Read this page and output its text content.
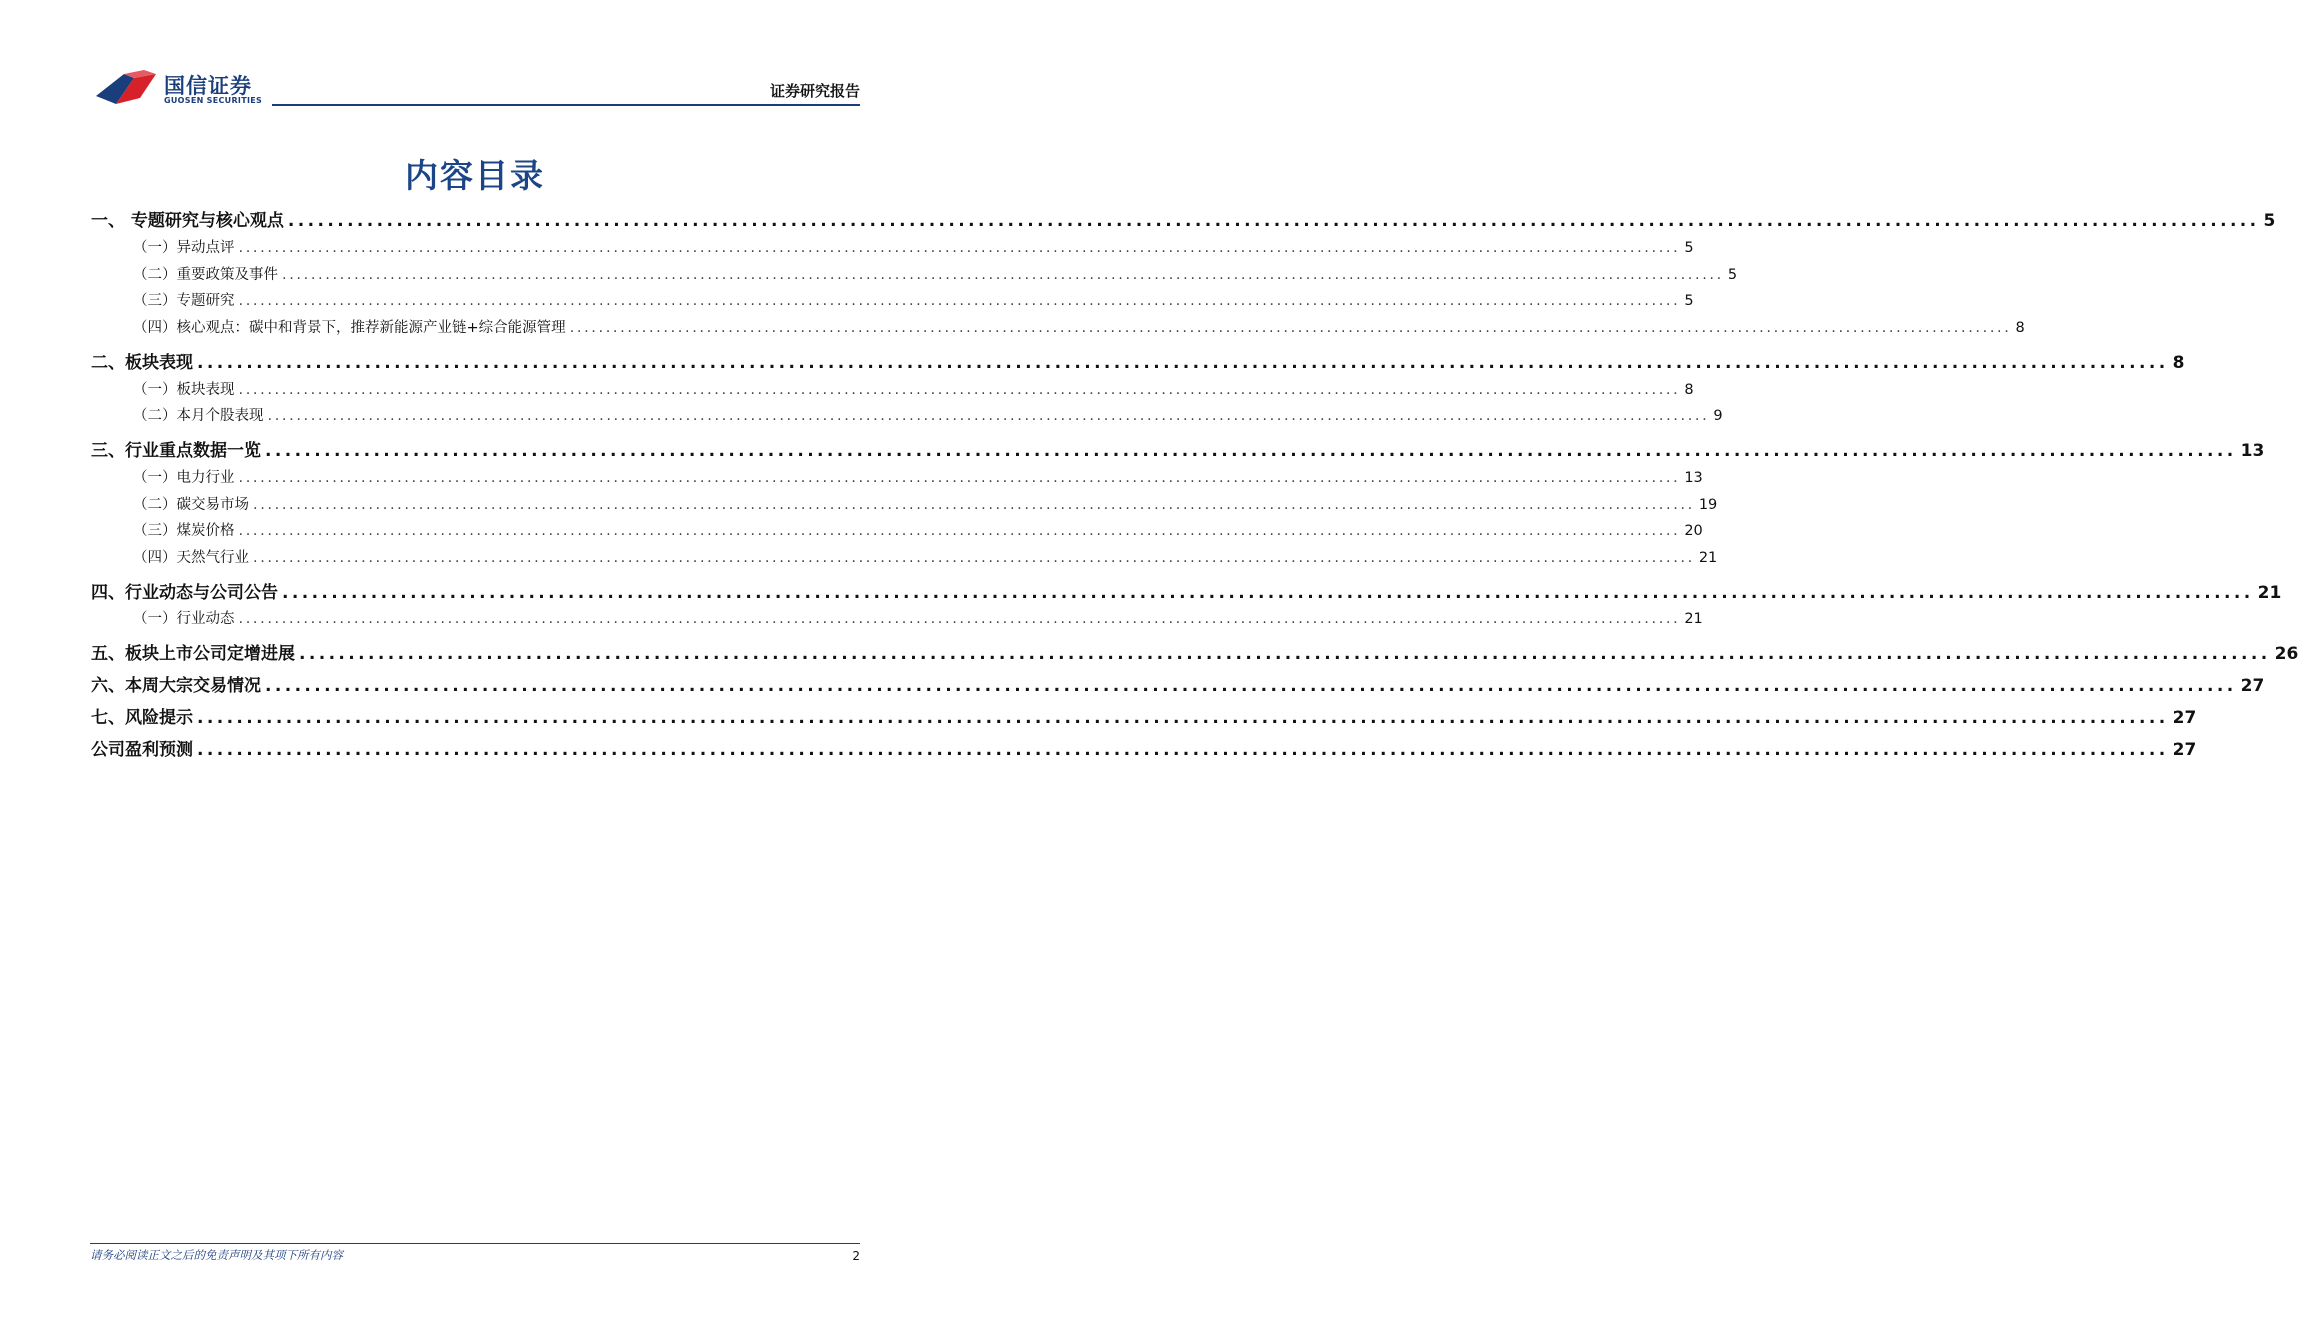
国信证券
GUOSEN SECURITIES
证券研究报告
内容目录
一、 专题研究与核心观点 ........................................................................................................................................................................................................ 5
（一）异动点评 ........................................................................................................................................................................................................ 5
（二）重要政策及事件 ........................................................................................................................................................................................................ 5
（三）专题研究 ........................................................................................................................................................................................................ 5
（四）核心观点：碳中和背景下，推荐新能源产业链+综合能源管理 ........................................................................................................................................................................................................ 8
二、板块表现 ........................................................................................................................................................................................................ 8
（一）板块表现 ........................................................................................................................................................................................................ 8
（二）本月个股表现 ........................................................................................................................................................................................................ 9
三、行业重点数据一览 ........................................................................................................................................................................................................ 13
（一）电力行业 ........................................................................................................................................................................................................ 13
（二）碳交易市场 ........................................................................................................................................................................................................ 19
（三）煤炭价格 ........................................................................................................................................................................................................ 20
（四）天然气行业 ........................................................................................................................................................................................................ 21
四、行业动态与公司公告 ........................................................................................................................................................................................................ 21
（一）行业动态 ........................................................................................................................................................................................................ 21
五、板块上市公司定增进展 ........................................................................................................................................................................................................ 26
六、本周大宗交易情况 ........................................................................................................................................................................................................ 27
七、风险提示 ........................................................................................................................................................................................................ 27
公司盈利预测 ........................................................................................................................................................................................................ 27
请务必阅读正文之后的免责声明及其项下所有内容	2
